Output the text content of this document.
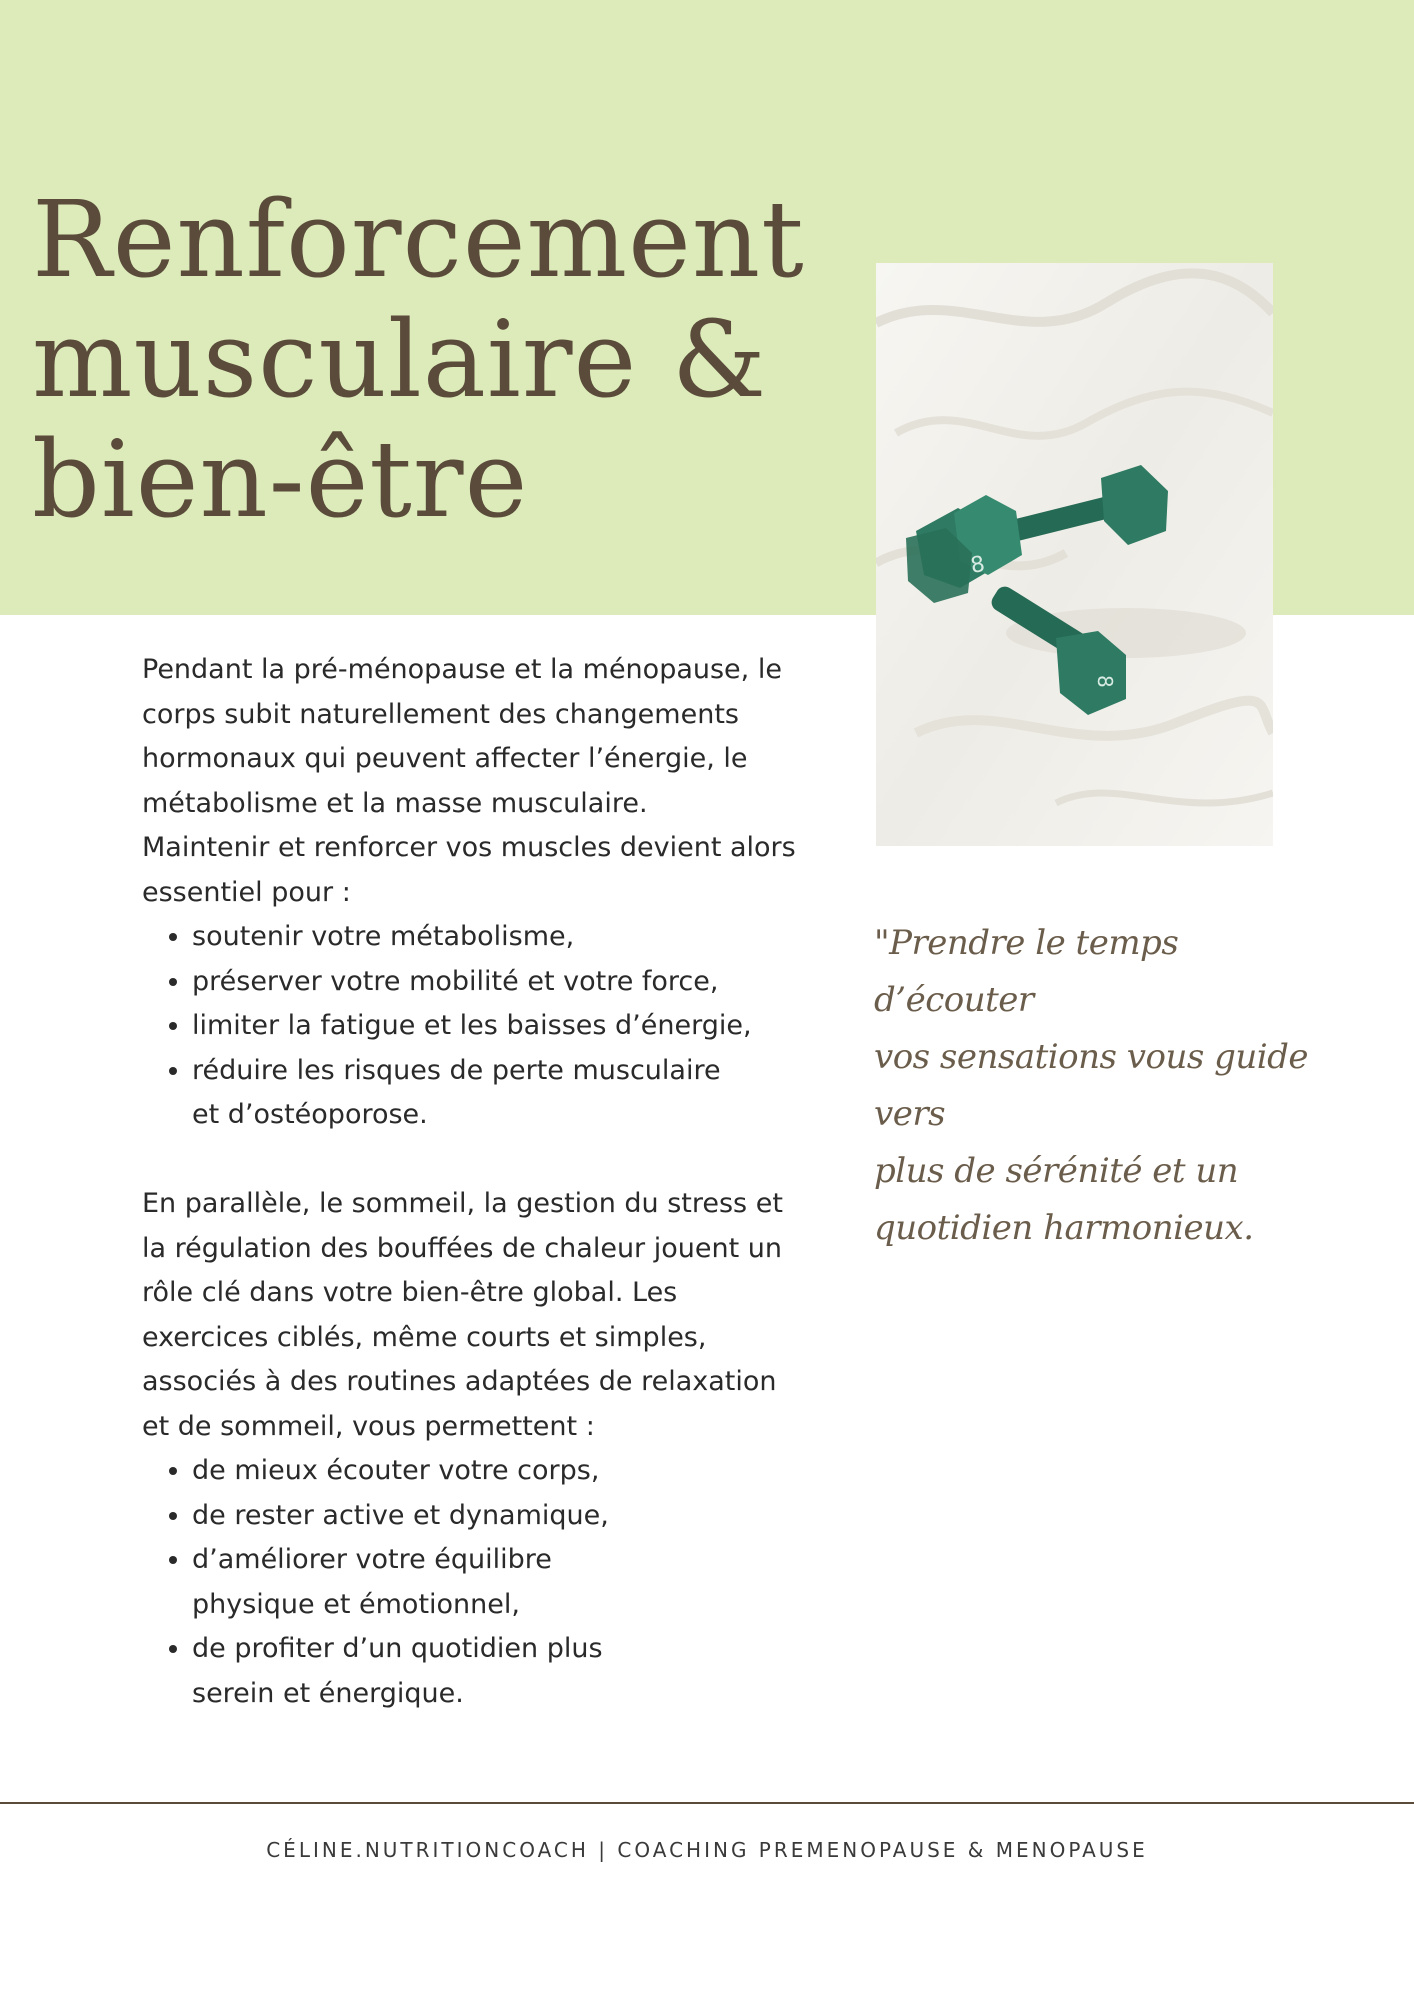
Renforcement
musculaire &
bien-être
8
8

Pendant la pré-ménopause et la ménopause, le

corps subit naturellement des changements

hormonaux qui peuvent affecter l’énergie, le

métabolisme et la masse musculaire.

Maintenir et renforcer vos muscles devient alors

essentiel pour :

• soutenir votre métabolisme,
• préserver votre mobilité et votre force,
• limiter la fatigue et les baisses d’énergie,
• réduire les risques de perte musculaire et d’ostéoporose.

En parallèle, le sommeil, la gestion du stress et

la régulation des bouffées de chaleur jouent un

rôle clé dans votre bien-être global. Les

exercices ciblés, même courts et simples,

associés à des routines adaptées de relaxation

et de sommeil, vous permettent :

• de mieux écouter votre corps,
• de rester active et dynamique,
• d’améliorer votre équilibre physique et émotionnel,
• de profiter d’un quotidien plus serein et énergique.
"Prendre le temps d’écouter
vos sensations vous guide vers
plus de sérénité et un
quotidien harmonieux.
CÉLINE.NUTRITIONCOACH | COACHING PREMENOPAUSE & MENOPAUSE
